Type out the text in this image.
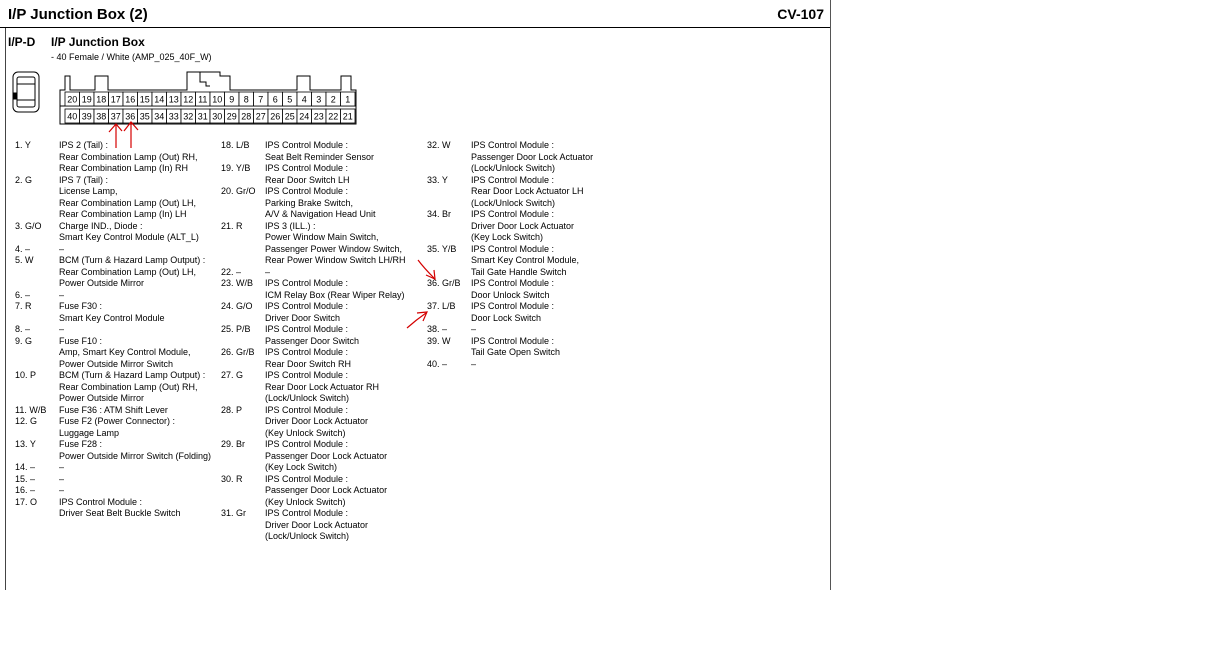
I/P Junction Box (2)	CV-107
I/P-D I/P Junction Box
- 40 Female / White (AMP_025_40F_W)
20 19 18 17 16 15 14 13 12 11 10 9 8 7 6 5 4 3 2 1
40 39 38 37 36 35 34 33 32 31 30 29 28 27 26 25 24 23 22 21
1. Y	IPS 2 (Tail) :
Rear Combination Lamp (Out) RH,
Rear Combination Lamp (In) RH
2. G	IPS 7 (Tail) :
License Lamp,
Rear Combination Lamp (Out) LH,
Rear Combination Lamp (In) LH
3. G/O Charge IND., Diode :
Smart Key Control Module (ALT_L)
4. –	–
5. W	BCM (Turn & Hazard Lamp Output) :
Rear Combination Lamp (Out) LH,
Power Outside Mirror
6. –	–
7. R	Fuse F30 :
Smart Key Control Module
8. –	–
9. G	Fuse F10 :
Amp, Smart Key Control Module,
Power Outside Mirror Switch
10. P	BCM (Turn & Hazard Lamp Output) :
Rear Combination Lamp (Out) RH,
Power Outside Mirror
11. W/B Fuse F36 : ATM Shift Lever
12. G Fuse F2 (Power Connector) :
Luggage Lamp
13. Y	Fuse F28 :
Power Outside Mirror Switch (Folding)
14. –	–
15. –	–
16. –	–
17. O IPS Control Module :
Driver Seat Belt Buckle Switch
18. L/B IPS Control Module :
Seat Belt Reminder Sensor
19. Y/B IPS Control Module :
Rear Door Switch LH
20. Gr/O IPS Control Module :
Parking Brake Switch,
A/V & Navigation Head Unit
21. R IPS 3 (ILL.) :
Power Window Main Switch,
Passenger Power Window Switch,
Rear Power Window Switch LH/RH
22. –	–
23. W/B IPS Control Module :
ICM Relay Box (Rear Wiper Relay)
24. G/O IPS Control Module :
Driver Door Switch
25. P/B IPS Control Module :
Passenger Door Switch
26. Gr/B IPS Control Module :
Rear Door Switch RH
27. G IPS Control Module :
Rear Door Lock Actuator RH
(Lock/Unlock Switch)
28. P	IPS Control Module :
Driver Door Lock Actuator
(Key Unlock Switch)
29. Br IPS Control Module :
Passenger Door Lock Actuator
(Key Lock Switch)
30. R IPS Control Module :
Passenger Door Lock Actuator
(Key Unlock Switch)
31. Gr IPS Control Module :
Driver Door Lock Actuator
(Lock/Unlock Switch)
32. W IPS Control Module :
Passenger Door Lock Actuator
(Lock/Unlock Switch)
33. Y	IPS Control Module :
Rear Door Lock Actuator LH
(Lock/Unlock Switch)
34. Br IPS Control Module :
Driver Door Lock Actuator
(Key Lock Switch)
35. Y/B IPS Control Module :
Smart Key Control Module,
Tail Gate Handle Switch
36. Gr/B IPS Control Module :
Door Unlock Switch
37. L/B IPS Control Module :
Door Lock Switch
38. –	–
39. W IPS Control Module :
Tail Gate Open Switch
40. –	–
